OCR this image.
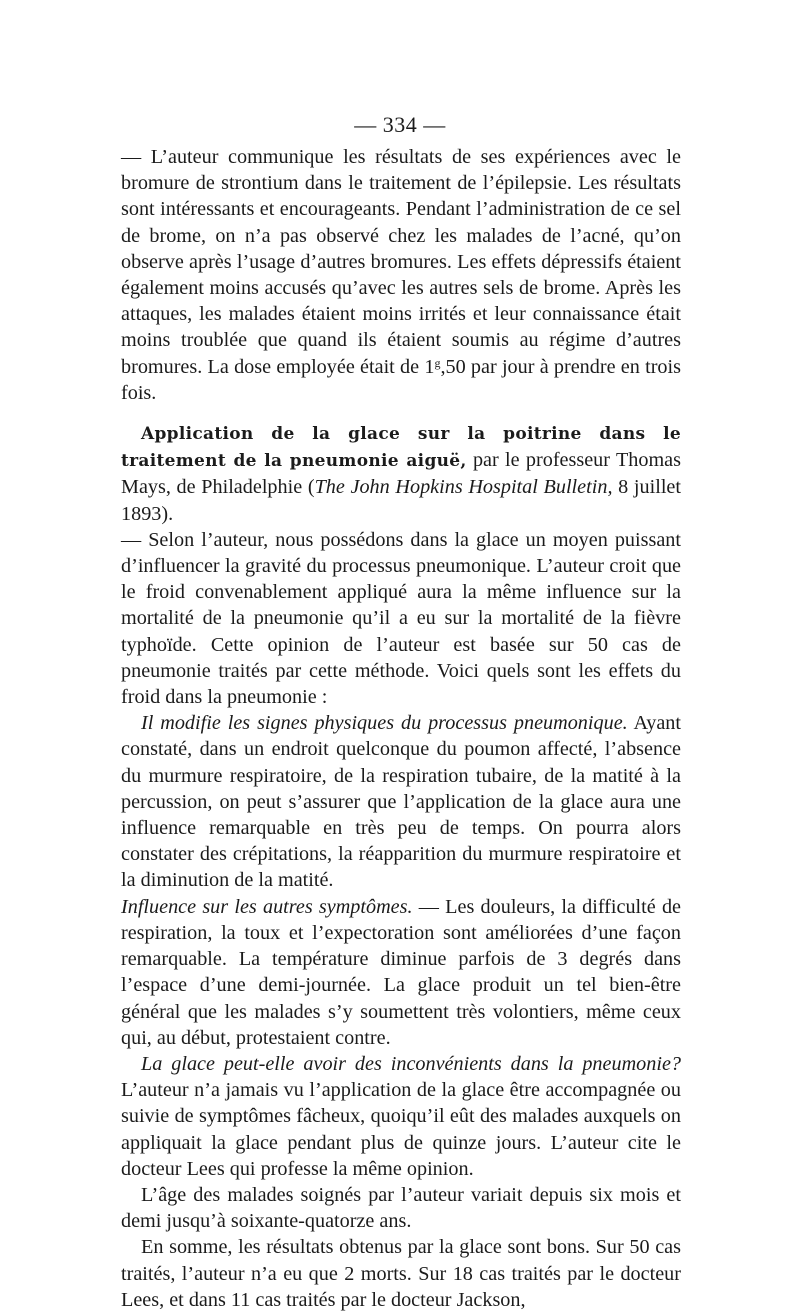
— 334 —

— L’auteur communique les résultats de ses expériences avec le bromure de strontium dans le traitement de l’épilepsie. Les résultats sont intéressants et encourageants. Pendant l’administration de ce sel de brome, on n’a pas observé chez les malades de l’acné, qu’on observe après l’usage d’autres bromures. Les effets dépressifs étaient également moins accusés qu’avec les autres sels de brome. Après les attaques, les malades étaient moins irrités et leur connaissance était moins troublée que quand ils étaient soumis au régime d’autres bromures. La dose employée était de 1$^g$,50 par jour à prendre en trois fois.

Application de la glace sur la poitrine dans le traitement de la pneumonie aiguë, par le professeur Thomas Mays, de Philadelphie (The John Hopkins Hospital Bulletin, 8 juillet 1893).

— Selon l’auteur, nous possédons dans la glace un moyen puissant d’influencer la gravité du processus pneumonique. L’auteur croit que le froid convenablement appliqué aura la même influence sur la mortalité de la pneumonie qu’il a eu sur la mortalité de la fièvre typhoïde. Cette opinion de l’auteur est basée sur 50 cas de pneumonie traités par cette méthode. Voici quels sont les effets du froid dans la pneumonie :

Il modifie les signes physiques du processus pneumonique. Ayant constaté, dans un endroit quelconque du poumon affecté, l’absence du murmure respiratoire, de la respiration tubaire, de la matité à la percussion, on peut s’assurer que l’application de la glace aura une influence remarquable en très peu de temps. On pourra alors constater des crépitations, la réapparition du murmure respiratoire et la diminution de la matité.

Influence sur les autres symptômes. — Les douleurs, la difficulté de respiration, la toux et l’expectoration sont améliorées d’une façon remarquable. La température diminue parfois de 3 degrés dans l’espace d’une demi-journée. La glace produit un tel bien-être général que les malades s’y soumettent très volontiers, même ceux qui, au début, protestaient contre.

La glace peut-elle avoir des inconvénients dans la pneumonie? L’auteur n’a jamais vu l’application de la glace être accompagnée ou suivie de symptômes fâcheux, quoiqu’il eût des malades auxquels on appliquait la glace pendant plus de quinze jours. L’auteur cite le docteur Lees qui professe la même opinion.

L’âge des malades soignés par l’auteur variait depuis six mois et demi jusqu’à soixante-quatorze ans.

En somme, les résultats obtenus par la glace sont bons. Sur 50 cas traités, l’auteur n’a eu que 2 morts. Sur 18 cas traités par le docteur Lees, et dans 11 cas traités par le docteur Jackson,
